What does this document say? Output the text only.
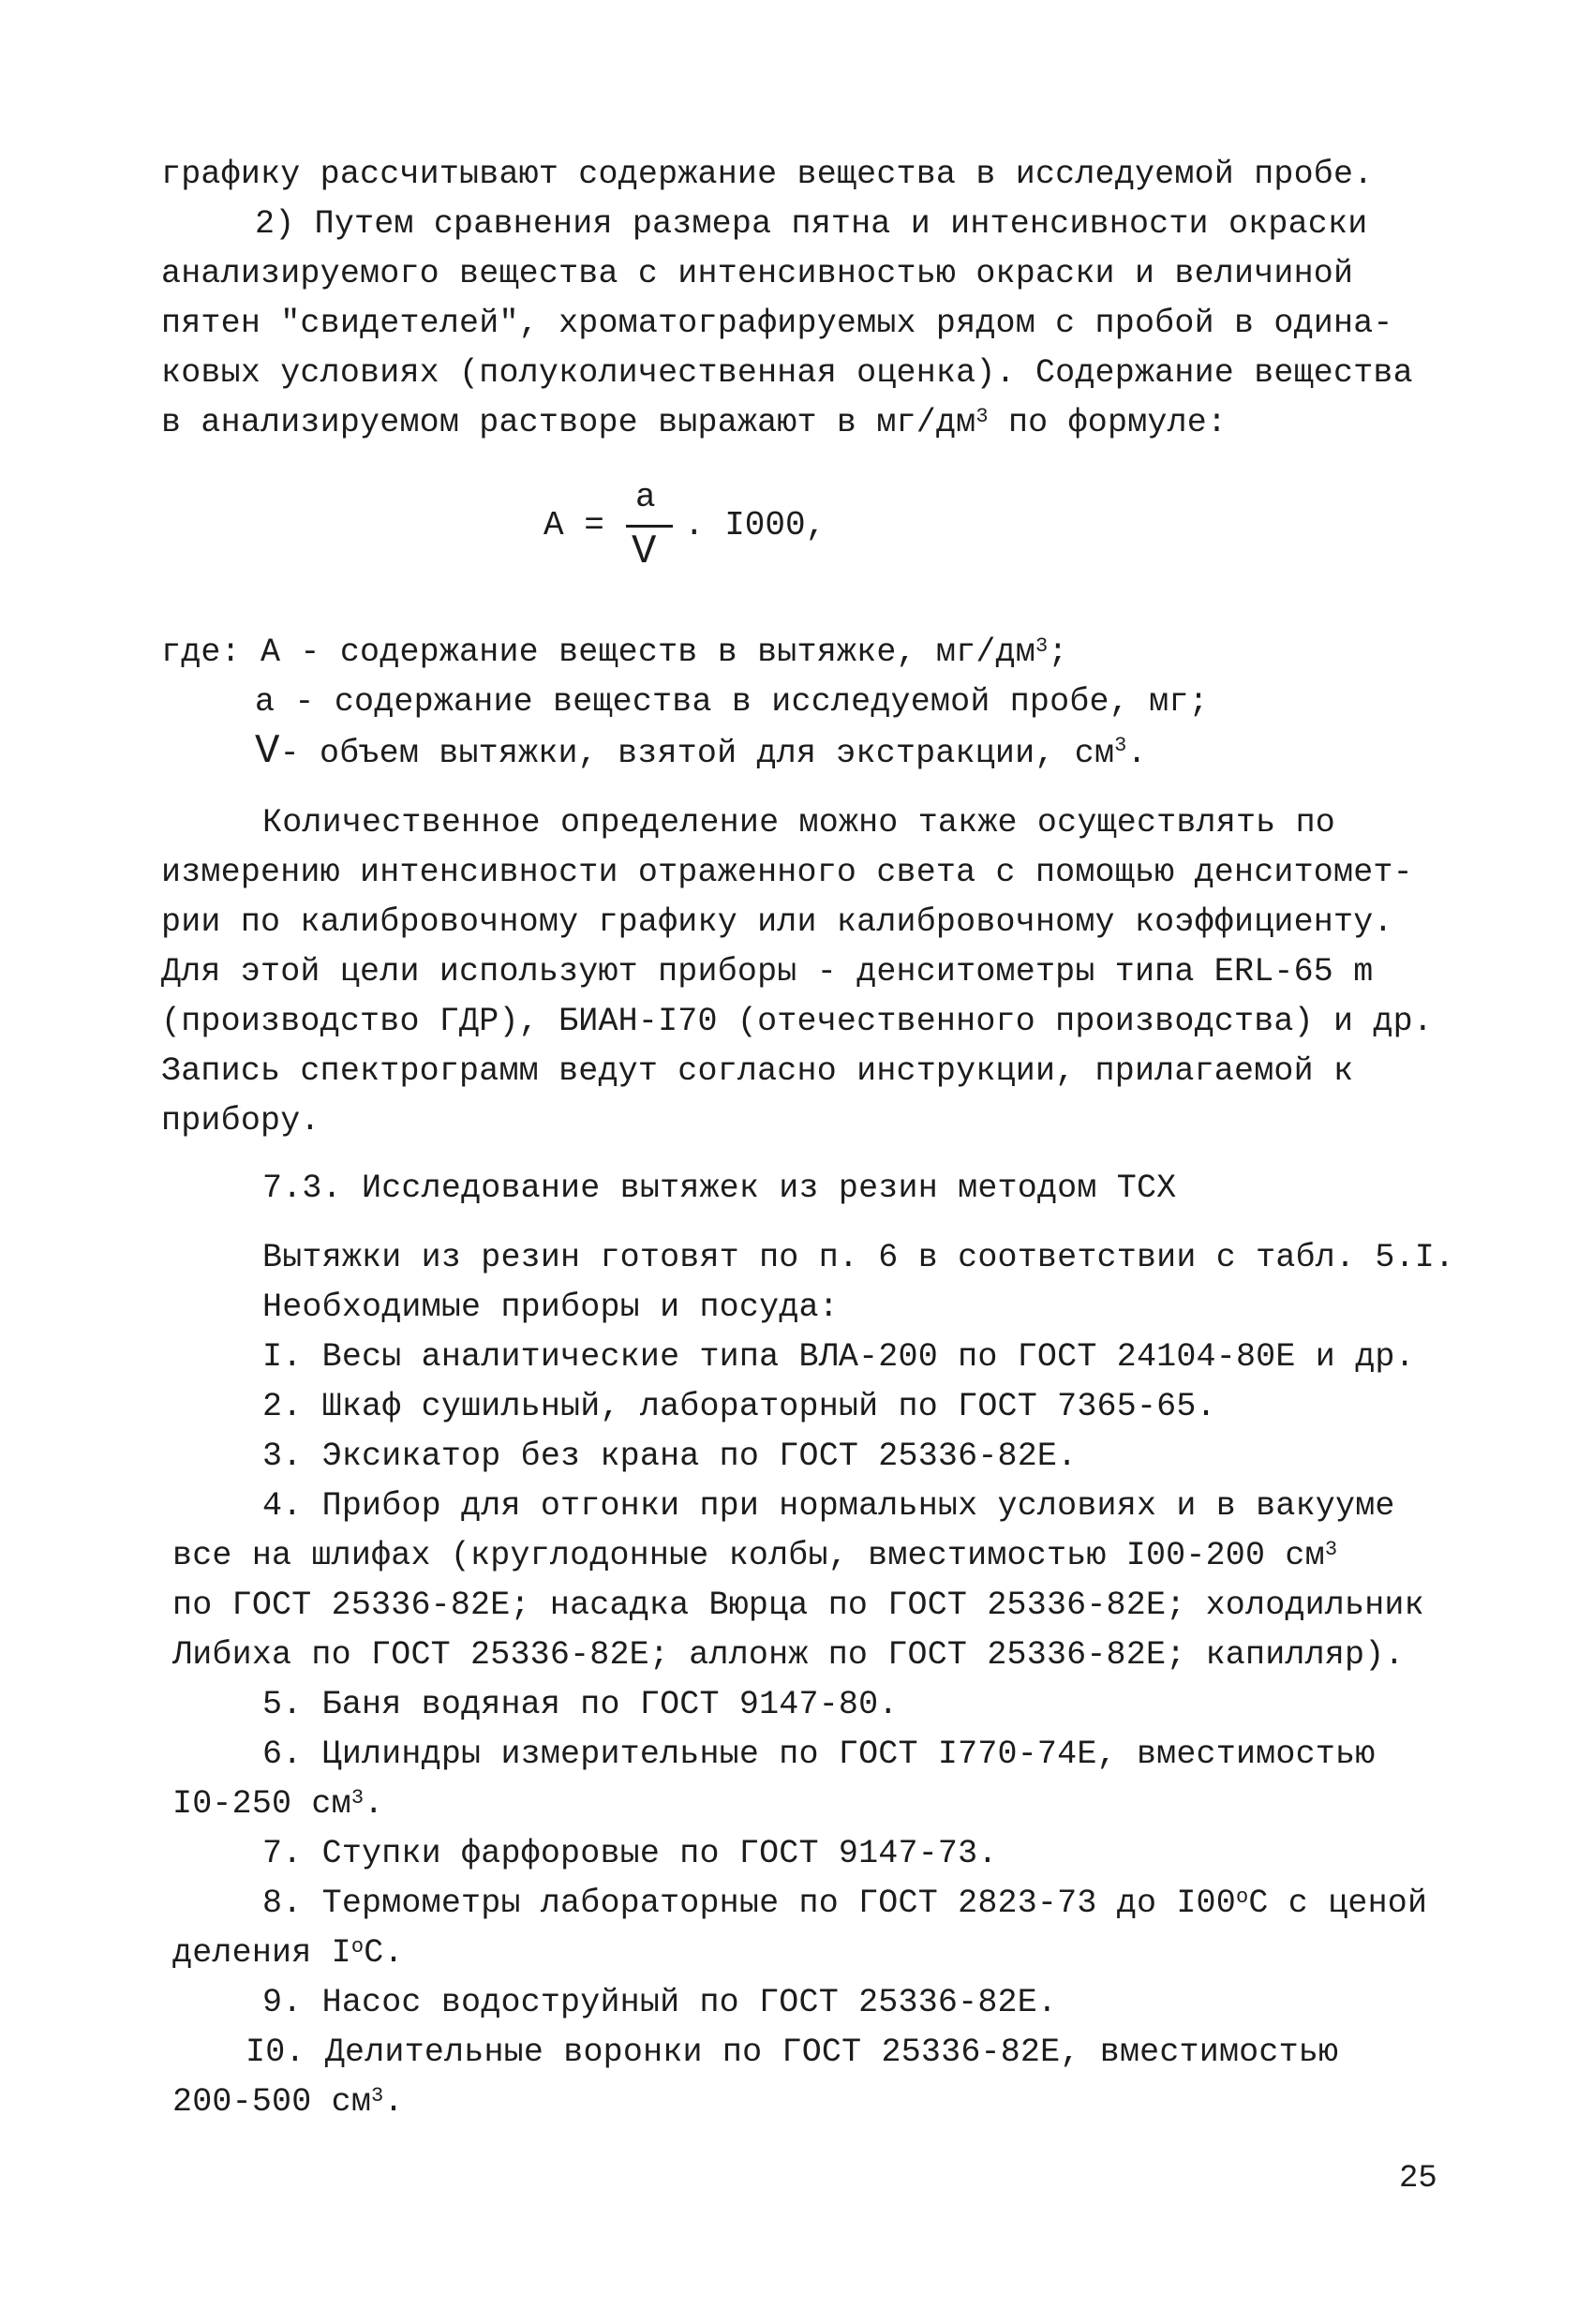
графику рассчитывают содержание вещества в исследуемой пробе.
2) Путем сравнения размера пятна и интенсивности окраски
анализируемого вещества с интенсивностью окраски и величиной
пятен "свидетелей", хроматографируемых рядом с пробой в одина-
ковых условиях (полуколичественная оценка). Содержание вещества
в анализируемом растворе выражают в $мг/дм^3$ по формуле:
А =
а
V
. I000,
где: А - содержание веществ в вытяжке, $мг/дм^3$;
а - содержание вещества в исследуемой пробе, мг;
V- объем вытяжки, взятой для экстракции, $см^3$.
Количественное определение можно также осуществлять по
измерению интенсивности отраженного света с помощью денситомет-
рии по калибровочному графику или калибровочному коэффициенту.
Для этой цели используют приборы - денситометры типа ERL-65 m
(производство ГДР), БИАН-I70 (отечественного производства) и др.
Запись спектрограмм ведут согласно инструкции, прилагаемой к
прибору.
7.3. Исследование вытяжек из резин методом ТСХ
Вытяжки из резин готовят по п. 6 в соответствии с табл. 5.I.
Необходимые приборы и посуда:
I. Весы аналитические типа ВЛА-200 по ГОСТ 24104-80Е и др.
2. Шкаф сушильный, лабораторный по ГОСТ 7365-65.
3. Эксикатор без крана по ГОСТ 25336-82Е.
4. Прибор для отгонки при нормальных условиях и в вакууме
все на шлифах (круглодонные колбы, вместимостью I00-200 $см^3$
по ГОСТ 25336-82Е; насадка Вюрца по ГОСТ 25336-82Е; холодильник
Либиха по ГОСТ 25336-82Е; аллонж по ГОСТ 25336-82Е; капилляр).
5. Баня водяная по ГОСТ 9147-80.
6. Цилиндры измерительные по ГОСТ I770-74Е, вместимостью
I0-250 $см^3$.
7. Ступки фарфоровые по ГОСТ 9147-73.
8. Термометры лабораторные по ГОСТ 2823-73 до $I00^оС$ с ценой
деления $I^оС$.
9. Насос водоструйный по ГОСТ 25336-82Е.
I0. Делительные воронки по ГОСТ 25336-82Е, вместимостью
200-500 $см^3$.
25
